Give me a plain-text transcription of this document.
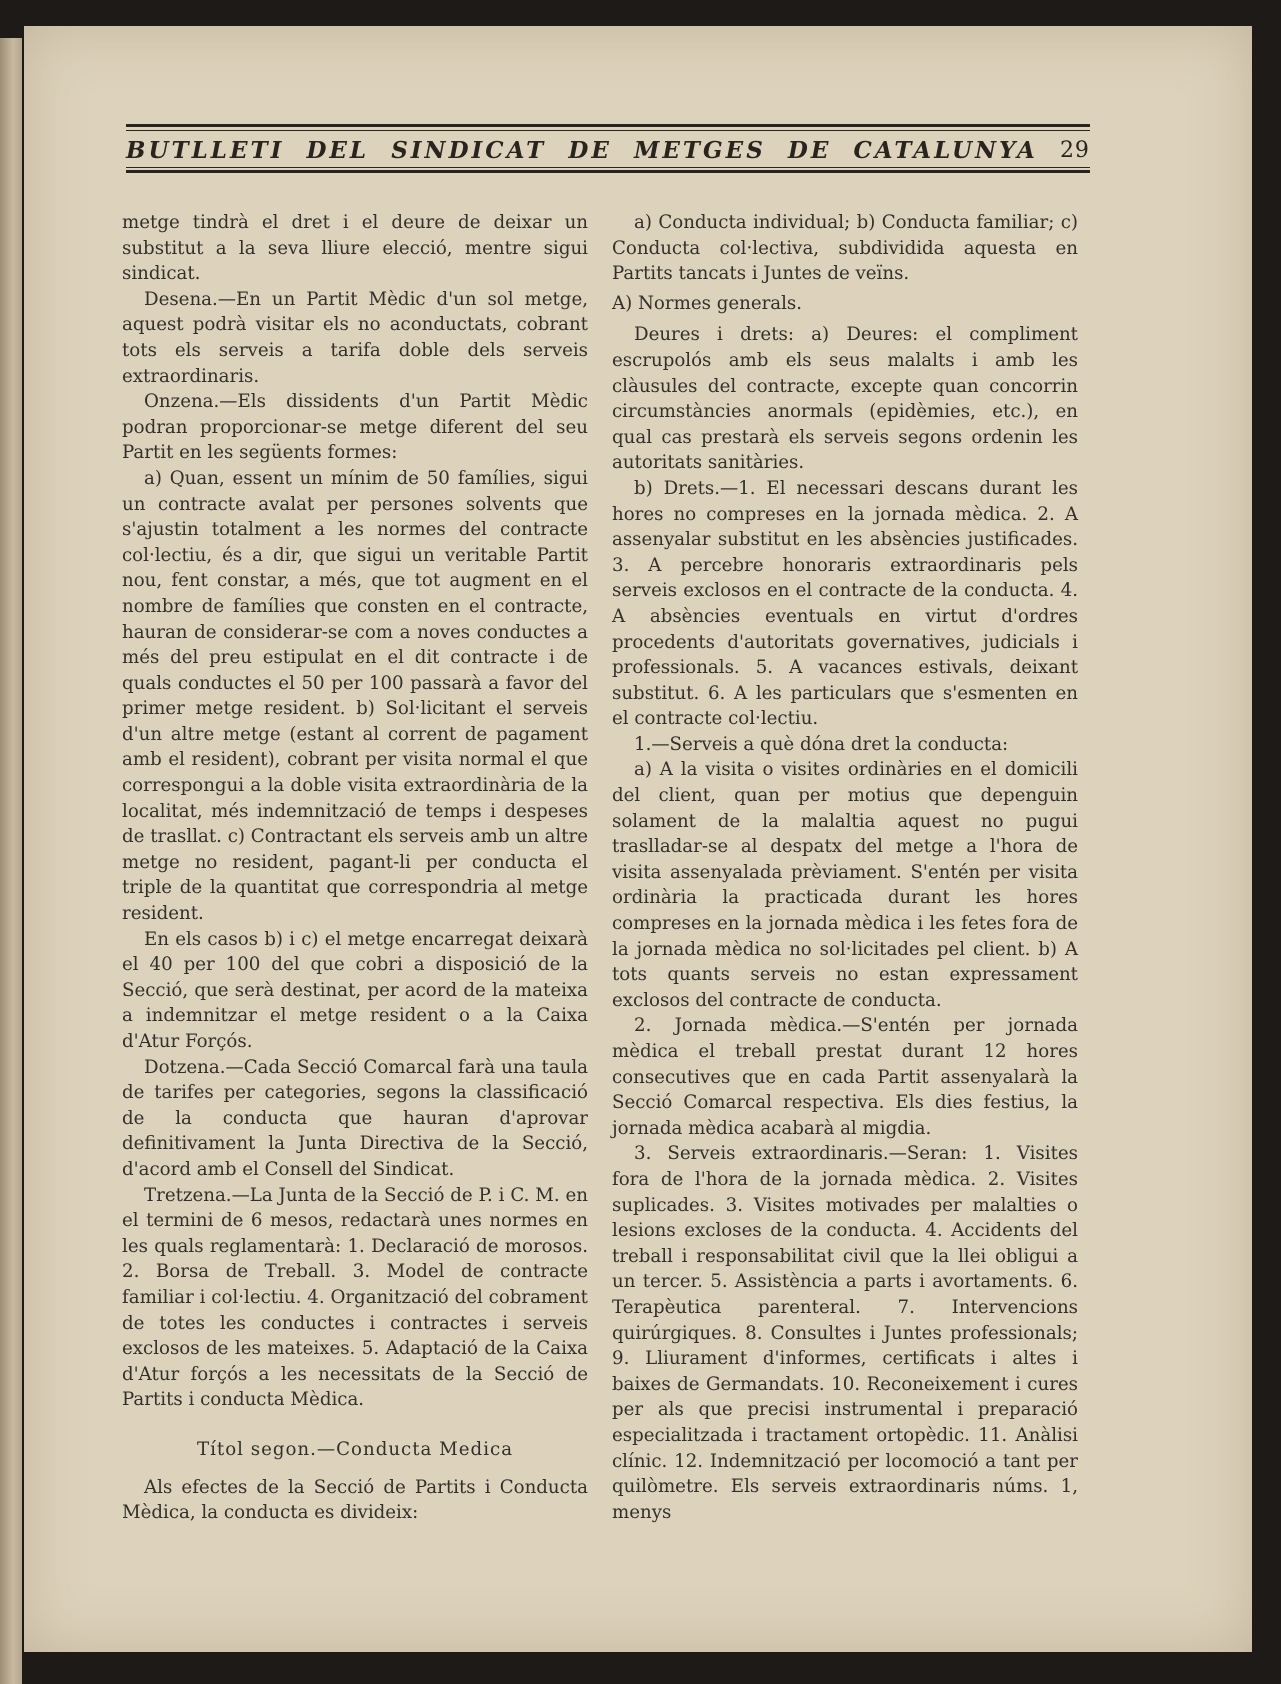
BUTLLETI DEL SINDICAT DE METGES DE CATALUNYA 29

metge tindrà el dret i el deure de deixar un substitut a la seva lliure elecció, mentre sigui sindicat.

Desena.—En un Partit Mèdic d'un sol metge, aquest podrà visitar els no aconductats, cobrant tots els serveis a tarifa doble dels serveis extraordinaris.

Onzena.—Els dissidents d'un Partit Mèdic podran proporcionar-se metge diferent del seu Partit en les següents formes:

a) Quan, essent un mínim de 50 famílies, sigui un contracte avalat per persones solvents que s'ajustin totalment a les normes del contracte col·lectiu, és a dir, que sigui un veritable Partit nou, fent constar, a més, que tot augment en el nombre de famílies que consten en el contracte, hauran de considerar-se com a noves conductes a més del preu estipulat en el dit contracte i de quals conductes el 50 per 100 passarà a favor del primer metge resident. b) Sol·licitant el serveis d'un altre metge (estant al corrent de pagament amb el resident), cobrant per visita normal el que correspongui a la doble visita extraordinària de la localitat, més indemnització de temps i despeses de trasllat. c) Contractant els serveis amb un altre metge no resident, pagant-li per conducta el triple de la quantitat que correspondria al metge resident.

En els casos b) i c) el metge encarregat deixarà el 40 per 100 del que cobri a disposició de la Secció, que serà destinat, per acord de la mateixa a indemnitzar el metge resident o a la Caixa d'Atur Forçós.

Dotzena.—Cada Secció Comarcal farà una taula de tarifes per categories, segons la classificació de la conducta que hauran d'aprovar definitivament la Junta Directiva de la Secció, d'acord amb el Consell del Sindicat.

Tretzena.—La Junta de la Secció de P. i C. M. en el termini de 6 mesos, redactarà unes normes en les quals reglamentarà: 1. Declaració de morosos. 2. Borsa de Treball. 3. Model de contracte familiar i col·lectiu. 4. Organització del cobrament de totes les conductes i contractes i serveis exclosos de les mateixes. 5. Adaptació de la Caixa d'Atur forçós a les necessitats de la Secció de Partits i conducta Mèdica.

Títol segon.—Conducta Medica

Als efectes de la Secció de Partits i Conducta Mèdica, la conducta es divideix:

a) Conducta individual; b) Conducta familiar; c) Conducta col·lectiva, subdividida aquesta en Partits tancats i Juntes de veïns.

A) Normes generals.

Deures i drets: a) Deures: el compliment escrupolós amb els seus malalts i amb les clàusules del contracte, excepte quan concorrin circumstàncies anormals (epidèmies, etc.), en qual cas prestarà els serveis segons ordenin les autoritats sanitàries.

b) Drets.—1. El necessari descans durant les hores no compreses en la jornada mèdica. 2. A assenyalar substitut en les absències justificades. 3. A percebre honoraris extraordinaris pels serveis exclosos en el contracte de la conducta. 4. A absències eventuals en virtut d'ordres procedents d'autoritats governatives, judicials i professionals. 5. A vacances estivals, deixant substitut. 6. A les particulars que s'esmenten en el contracte col·lectiu.

1.—Serveis a què dóna dret la conducta:

a) A la visita o visites ordinàries en el domicili del client, quan per motius que depenguin solament de la malaltia aquest no pugui traslladar-se al despatx del metge a l'hora de visita assenyalada prèviament. S'entén per visita ordinària la practicada durant les hores compreses en la jornada mèdica i les fetes fora de la jornada mèdica no sol·licitades pel client. b) A tots quants serveis no estan expressament exclosos del contracte de conducta.

2. Jornada mèdica.—S'entén per jornada mèdica el treball prestat durant 12 hores consecutives que en cada Partit assenyalarà la Secció Comarcal respectiva. Els dies festius, la jornada mèdica acabarà al migdia.

3. Serveis extraordinaris.—Seran: 1. Visites fora de l'hora de la jornada mèdica. 2. Visites suplicades. 3. Visites motivades per malalties o lesions excloses de la conducta. 4. Accidents del treball i responsabilitat civil que la llei obligui a un tercer. 5. Assistència a parts i avortaments. 6. Terapèutica parenteral. 7. Intervencions quirúrgiques. 8. Consultes i Juntes professionals; 9. Lliurament d'informes, certificats i altes i baixes de Germandats. 10. Reconeixement i cures per als que precisi instrumental i preparació especialitzada i tractament ortopèdic. 11. Anàlisi clínic. 12. Indemnització per locomoció a tant per quilòmetre. Els serveis extraordinaris núms. 1, menys
